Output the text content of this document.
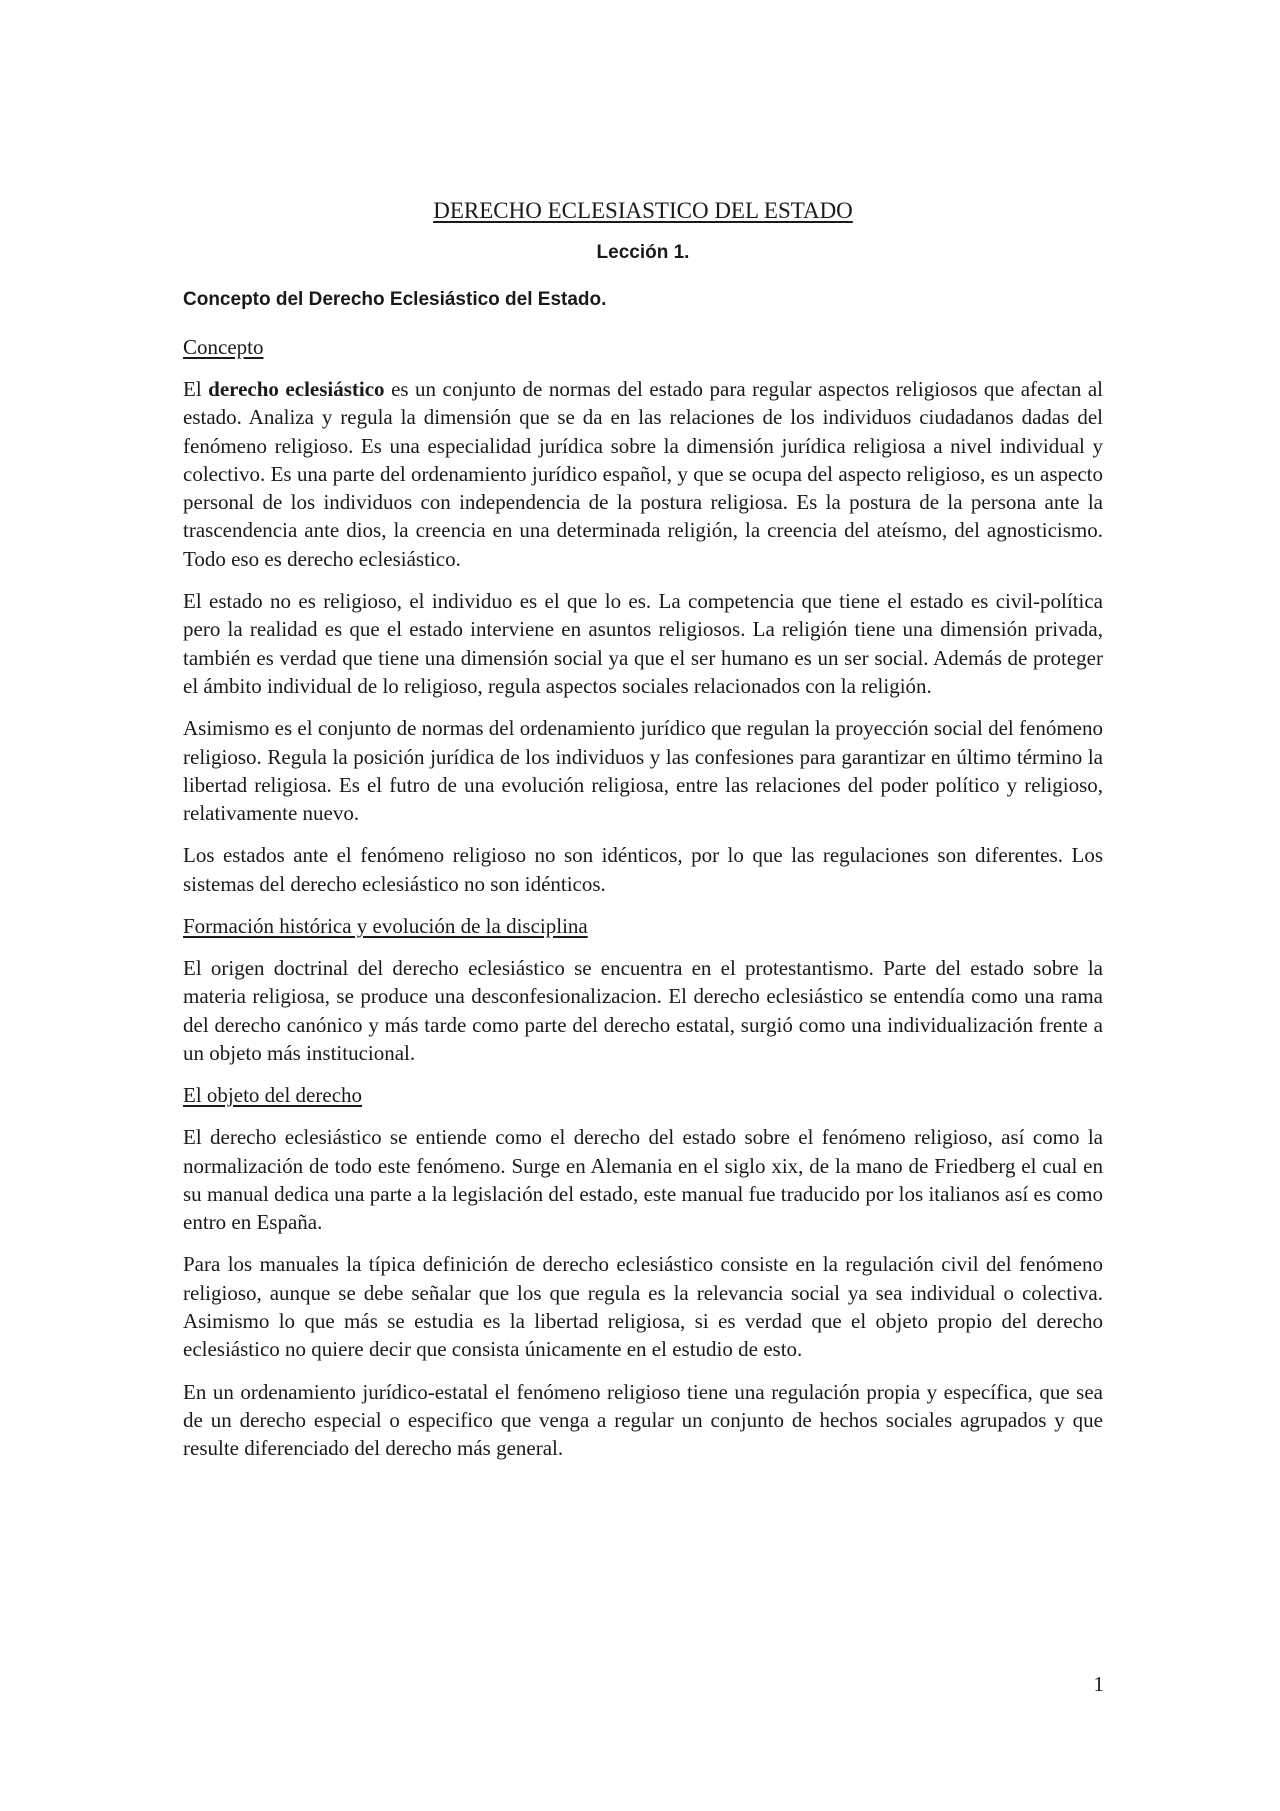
DERECHO ECLESIASTICO DEL ESTADO
Lección 1.
Concepto del Derecho Eclesiástico del Estado.
Concepto

El derecho eclesiástico es un conjunto de normas del estado para regular aspectos religiosos que afectan al estado. Analiza y regula la dimensión que se da en las relaciones de los individuos ciudadanos dadas del fenómeno religioso. Es una especialidad jurídica sobre la dimensión jurídica religiosa a nivel individual y colectivo. Es una parte del ordenamiento jurídico español, y que se ocupa del aspecto religioso, es un aspecto personal de los individuos con independencia de la postura religiosa. Es la postura de la persona ante la trascendencia ante dios, la creencia en una determinada religión, la creencia del ateísmo, del agnosticismo. Todo eso es derecho eclesiástico.

El estado no es religioso, el individuo es el que lo es. La competencia que tiene el estado es civil-política pero la realidad es que el estado interviene en asuntos religiosos. La religión tiene una dimensión privada, también es verdad que tiene una dimensión social ya que el ser humano es un ser social. Además de proteger el ámbito individual de lo religioso, regula aspectos sociales relacionados con la religión.

Asimismo es el conjunto de normas del ordenamiento jurídico que regulan la proyección social del fenómeno religioso. Regula la posición jurídica de los individuos y las confesiones para garantizar en último término la libertad religiosa. Es el futro de una evolución religiosa, entre las relaciones del poder político y religioso, relativamente nuevo.

Los estados ante el fenómeno religioso no son idénticos, por lo que las regulaciones son diferentes. Los sistemas del derecho eclesiástico no son idénticos.

Formación histórica y evolución de la disciplina

El origen doctrinal del derecho eclesiástico se encuentra en el protestantismo. Parte del estado sobre la materia religiosa, se produce una desconfesionalizacion. El derecho eclesiástico se entendía como una rama del derecho canónico y más tarde como parte del derecho estatal, surgió como una individualización frente a un objeto más institucional.

El objeto del derecho

El derecho eclesiástico se entiende como el derecho del estado sobre el fenómeno religioso, así como la normalización de todo este fenómeno. Surge en Alemania en el siglo xix, de la mano de Friedberg el cual en su manual dedica una parte a la legislación del estado, este manual fue traducido por los italianos así es como entro en España.

Para los manuales la típica definición de derecho eclesiástico consiste en la regulación civil del fenómeno religioso, aunque se debe señalar que los que regula es la relevancia social ya sea individual o colectiva. Asimismo lo que más se estudia es la libertad religiosa, si es verdad que el objeto propio del derecho eclesiástico no quiere decir que consista únicamente en el estudio de esto.

En un ordenamiento jurídico-estatal el fenómeno religioso tiene una regulación propia y específica, que sea de un derecho especial o especifico que venga a regular un conjunto de hechos sociales agrupados y que resulte diferenciado del derecho más general.

1
